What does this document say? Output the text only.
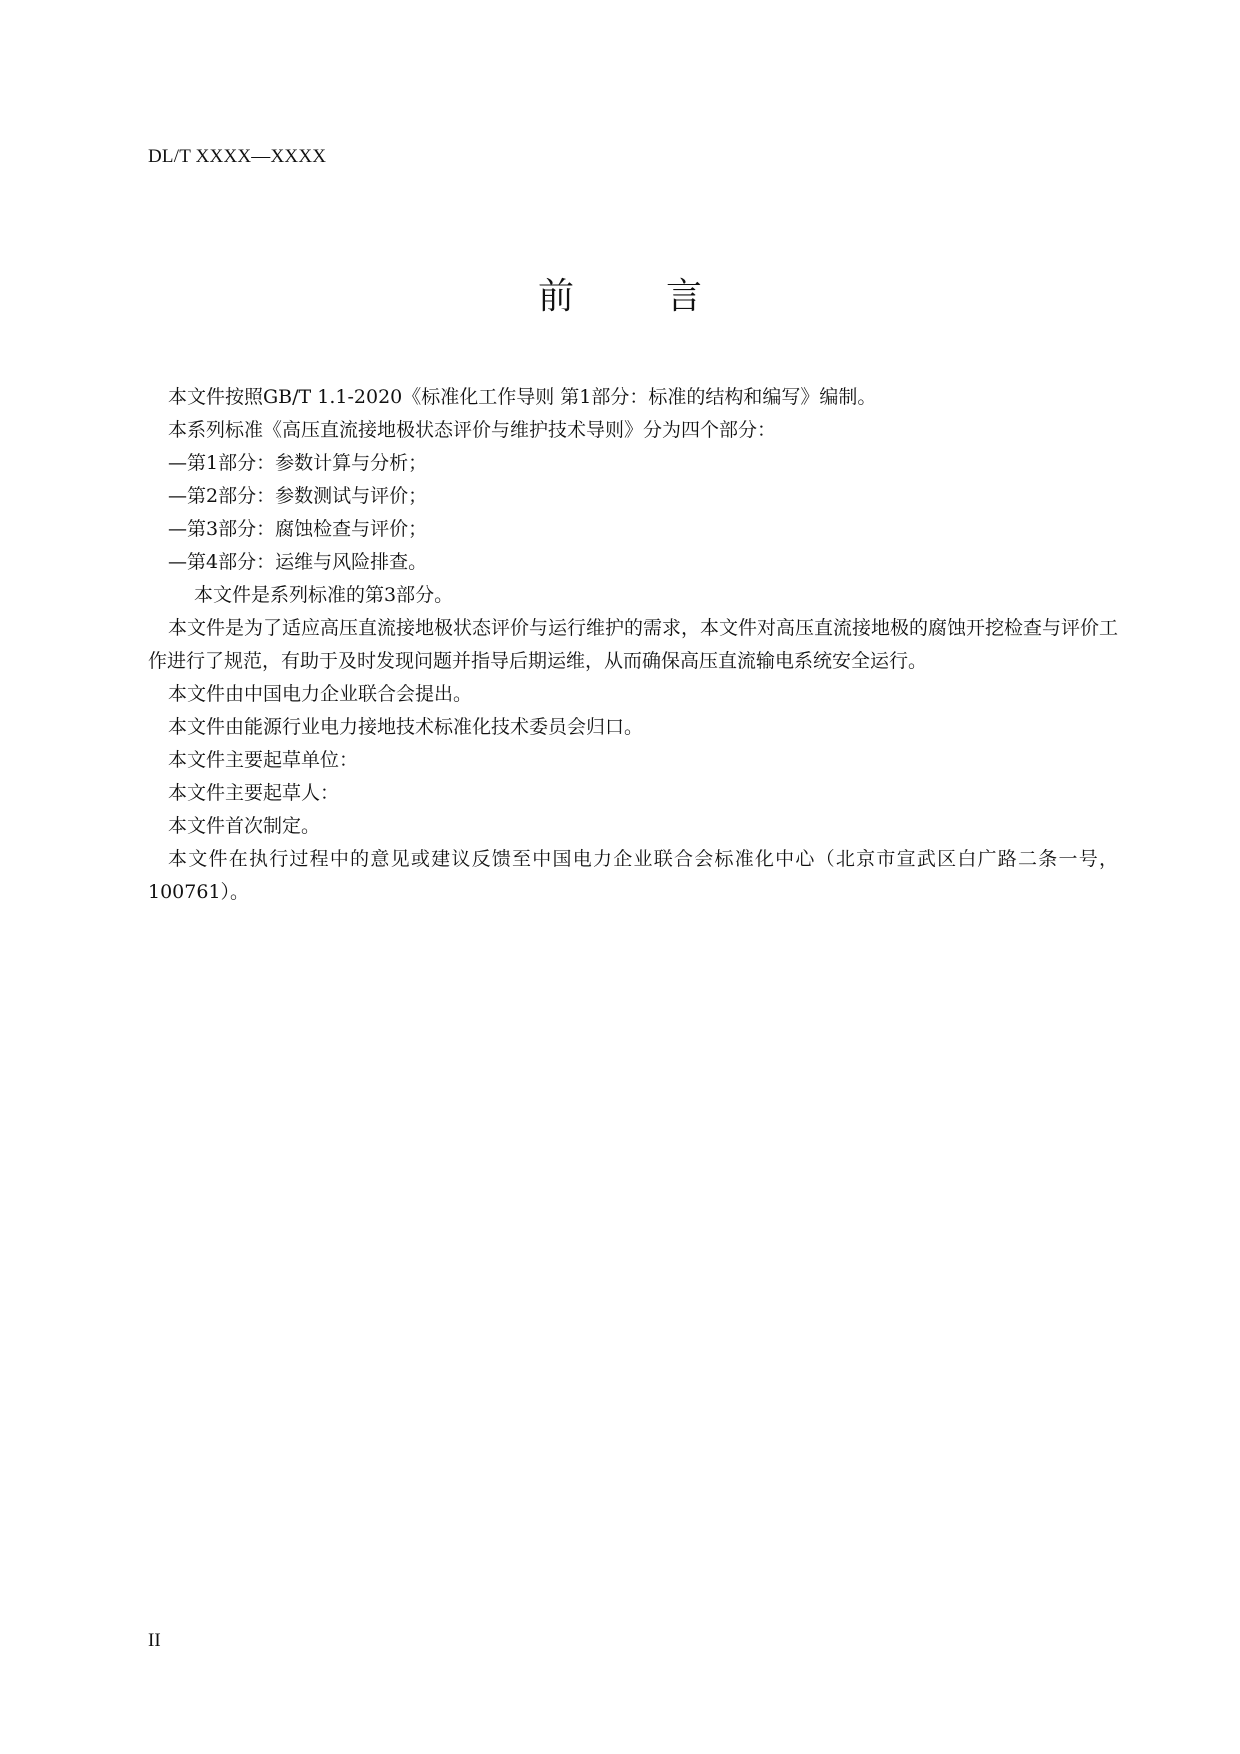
DL/T XXXX—XXXX
前　言

本文件按照GB/T 1.1-2020《标准化工作导则 第1部分：标准的结构和编写》编制。

本系列标准《高压直流接地极状态评价与维护技术导则》分为四个部分：

—第1部分：参数计算与分析；

—第2部分：参数测试与评价；

—第3部分：腐蚀检查与评价；

—第4部分：运维与风险排查。

本文件是系列标准的第3部分。

本文件是为了适应高压直流接地极状态评价与运行维护的需求，本文件对高压直流接地极的腐蚀开挖检查与评价工作进行了规范，有助于及时发现问题并指导后期运维，从而确保高压直流输电系统安全运行。

本文件由中国电力企业联合会提出。

本文件由能源行业电力接地技术标准化技术委员会归口。

本文件主要起草单位：

本文件主要起草人：

本文件首次制定。

本文件在执行过程中的意见或建议反馈至中国电力企业联合会标准化中心（北京市宣武区白广路二条一号，100761）。

II
